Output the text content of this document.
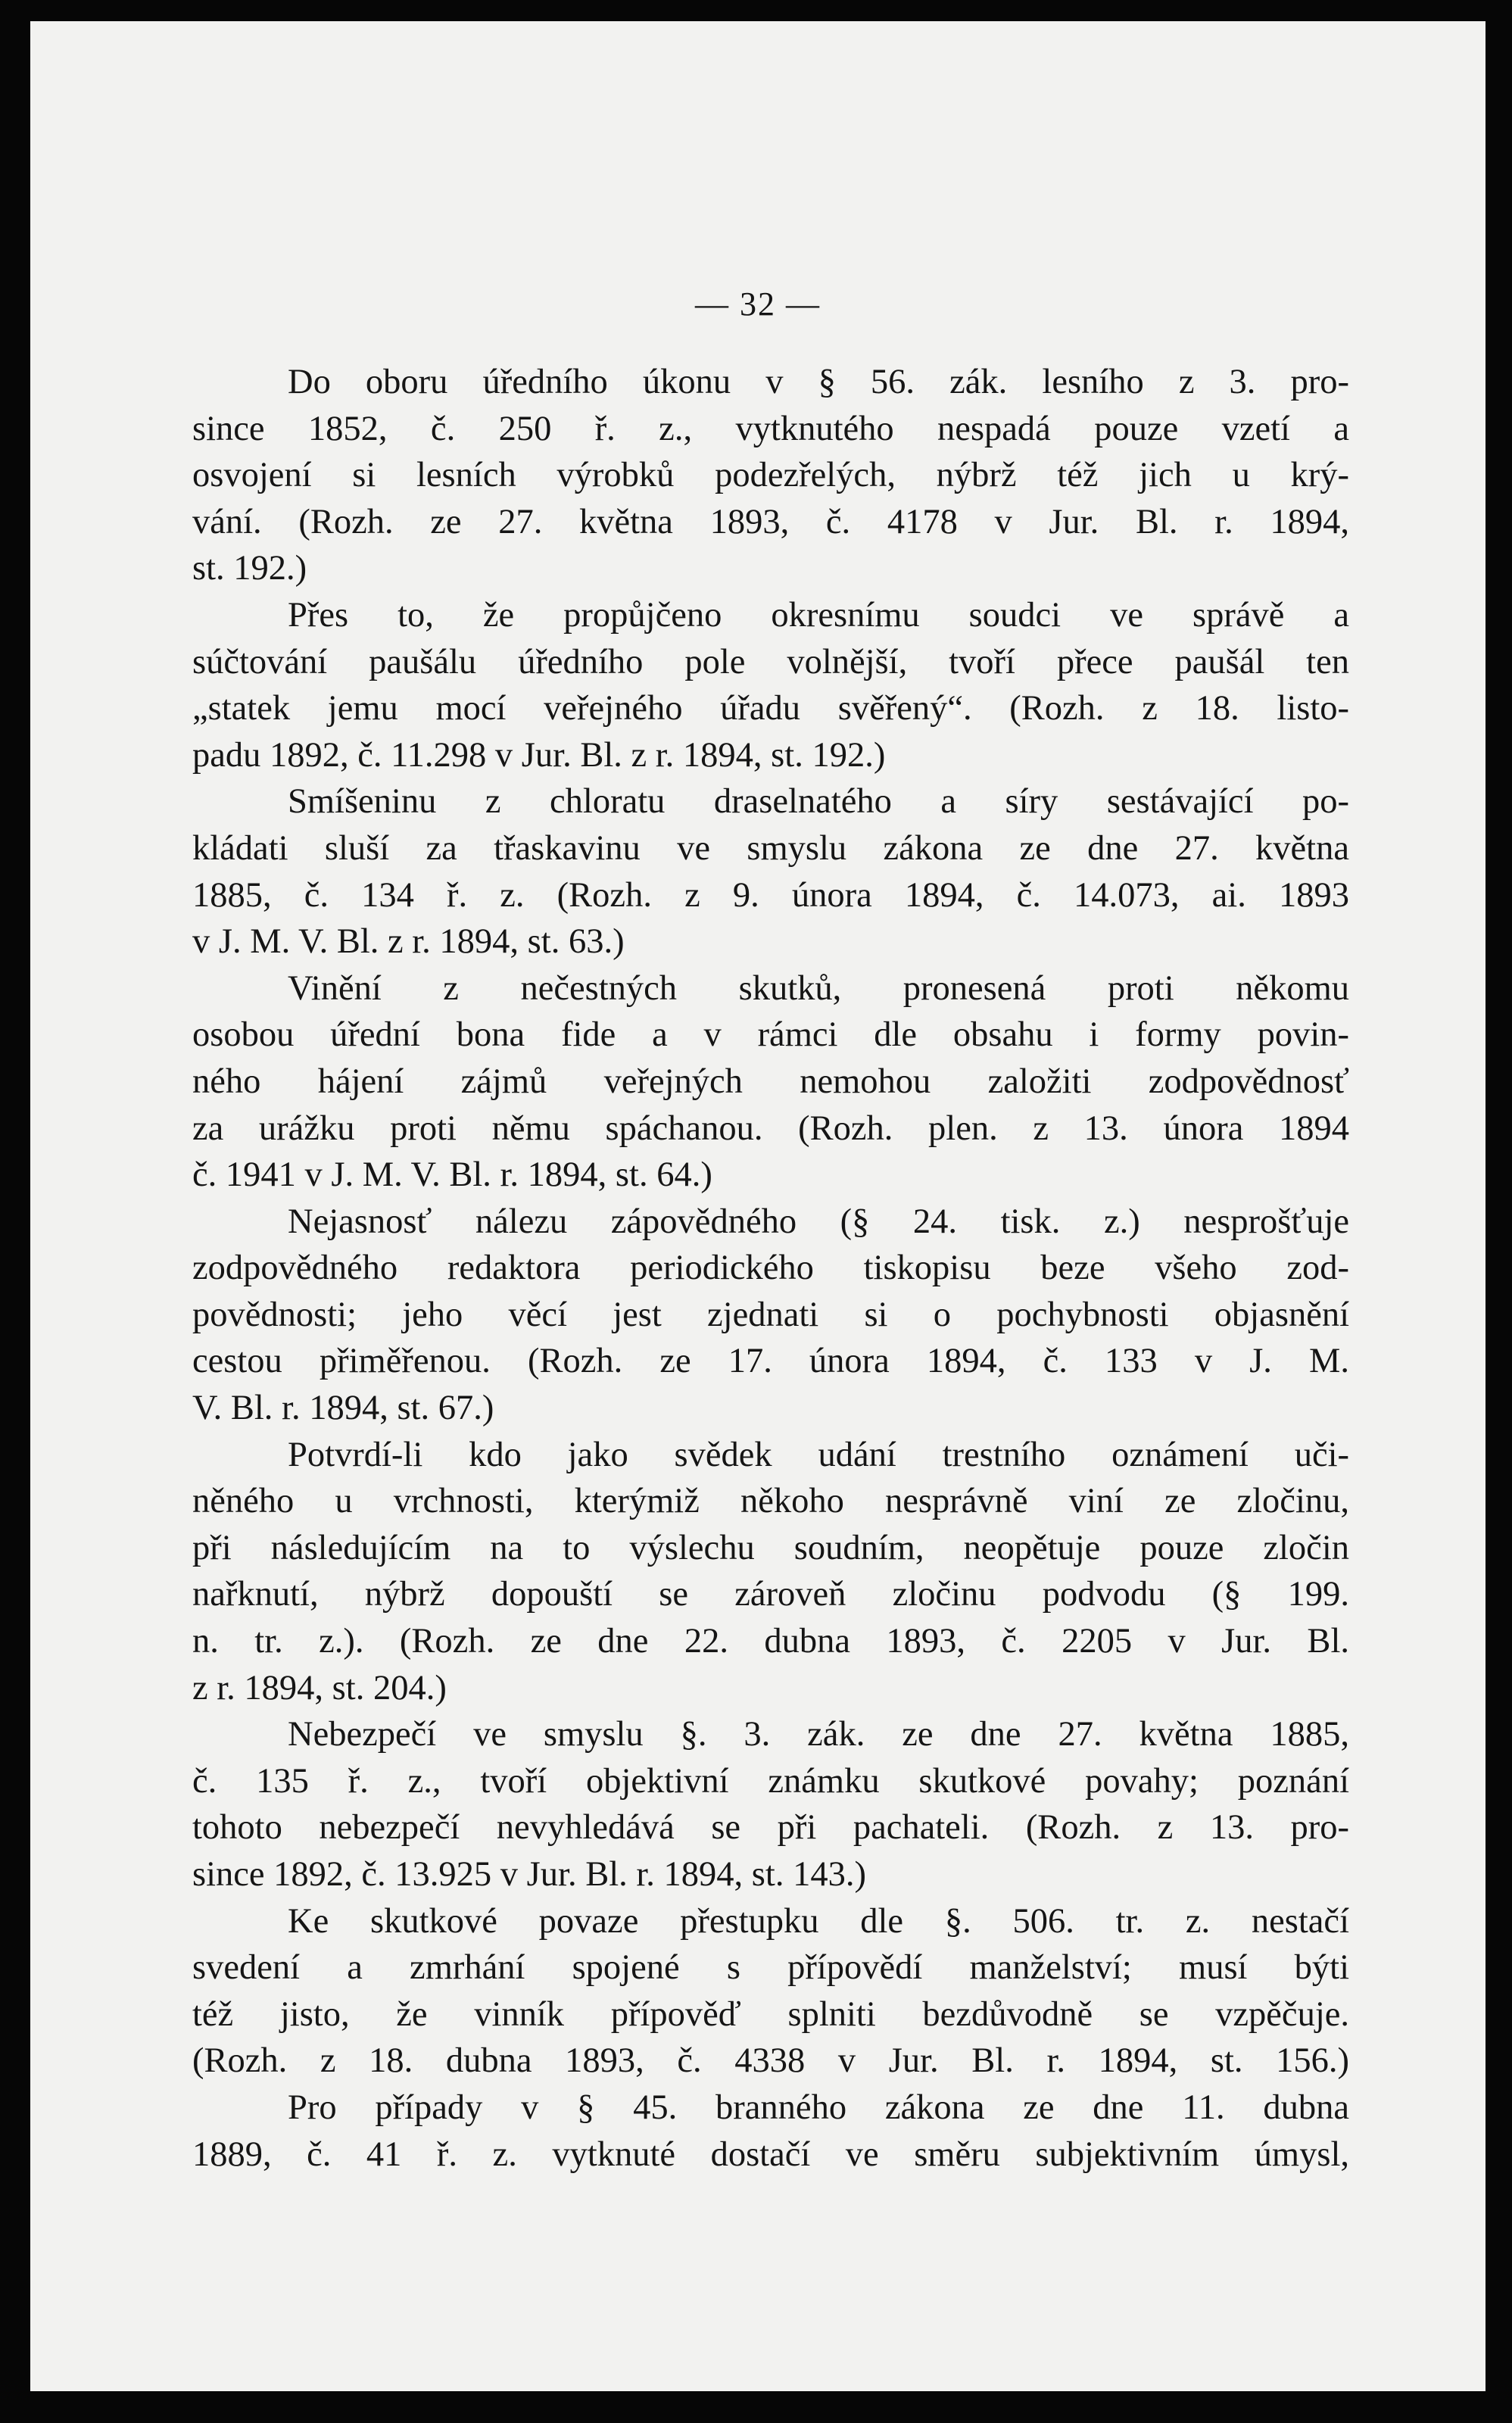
— 32 —
Do oboru úředního úkonu v § 56. zák. lesního z 3. pro-
since 1852, č. 250 ř. z., vytknutého nespadá pouze vzetí a
osvojení si lesních výrobků podezřelých, nýbrž též jich u krý-
vání. (Rozh. ze 27. května 1893, č. 4178 v Jur. Bl. r. 1894,
st. 192.)
Přes to, že propůjčeno okresnímu soudci ve správě a
súčtování paušálu úředního pole volnější, tvoří přece paušál ten
„statek jemu mocí veřejného úřadu svěřený“. (Rozh. z 18. listo-
padu 1892, č. 11.298 v Jur. Bl. z r. 1894, st. 192.)
Smíšeninu z chloratu draselnatého a síry sestávající po-
kládati sluší za třaskavinu ve smyslu zákona ze dne 27. května
1885, č. 134 ř. z. (Rozh. z 9. února 1894, č. 14.073, ai. 1893
v J. M. V. Bl. z r. 1894, st. 63.)
Vinění z nečestných skutků, pronesená proti někomu
osobou úřední bona fide a v rámci dle obsahu i formy povin-
ného hájení zájmů veřejných nemohou založiti zodpovědnosť
za urážku proti němu spáchanou. (Rozh. plen. z 13. února 1894
č. 1941 v J. M. V. Bl. r. 1894, st. 64.)
Nejasnosť nálezu zápovědného (§ 24. tisk. z.) nesprošťuje
zodpovědného redaktora periodického tiskopisu beze všeho zod-
povědnosti; jeho věcí jest zjednati si o pochybnosti objasnění
cestou přiměřenou. (Rozh. ze 17. února 1894, č. 133 v J. M.
V. Bl. r. 1894, st. 67.)
Potvrdí-li kdo jako svědek udání trestního oznámení uči-
něného u vrchnosti, kterýmiž někoho nesprávně viní ze zločinu,
při následujícím na to výslechu soudním, neopětuje pouze zločin
nařknutí, nýbrž dopouští se zároveň zločinu podvodu (§ 199.
n. tr. z.). (Rozh. ze dne 22. dubna 1893, č. 2205 v Jur. Bl.
z r. 1894, st. 204.)
Nebezpečí ve smyslu §. 3. zák. ze dne 27. května 1885,
č. 135 ř. z., tvoří objektivní známku skutkové povahy; poznání
tohoto nebezpečí nevyhledává se při pachateli. (Rozh. z 13. pro-
since 1892, č. 13.925 v Jur. Bl. r. 1894, st. 143.)
Ke skutkové povaze přestupku dle §. 506. tr. z. nestačí
svedení a zmrhání spojené s přípovědí manželství; musí býti
též jisto, že vinník přípověď splniti bezdůvodně se vzpěčuje.
(Rozh. z 18. dubna 1893, č. 4338 v Jur. Bl. r. 1894, st. 156.)
Pro případy v § 45. branného zákona ze dne 11. dubna
1889, č. 41 ř. z. vytknuté dostačí ve směru subjektivním úmysl,
